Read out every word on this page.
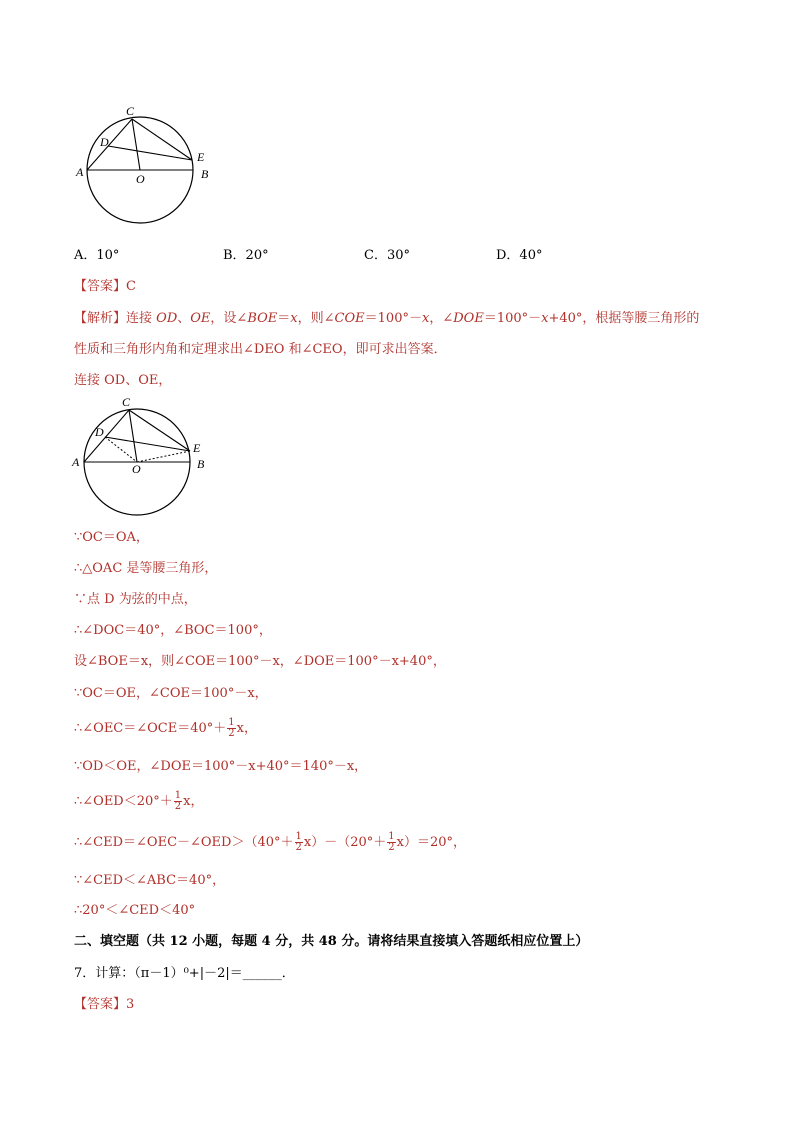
C
D
E
A	B
O
A．10°	B．20°	C．30°	D．40°
【答案】C
【解析】连接 OD、OE，设∠BOE＝x，则∠COE＝100°－x，∠DOE＝100°－x+40°，根据等腰三角形的
性质和三角形内角和定理求出∠DEO 和∠CEO，即可求出答案．
连接 OD、OE，
C
D
E
A	B
O
∵OC＝OA，
∴△OAC 是等腰三角形，
∵点 D 为弦的中点，
∴∠DOC＝40°，∠BOC＝100°，
设∠BOE＝x，则∠COE＝100°－x，∠DOE＝100°－x+40°，
∵OC＝OE，∠COE＝100°－x，
∴∠OEC＝∠OCE＝40°＋ $\frac{1}{2}$ x，
∵OD＜OE，∠DOE＝100°－x+40°＝140°－x，
∴∠OED＜20°＋ $\frac{1}{2}$ x，
∴∠CED＝∠OEC－∠OED＞（40°＋ $\frac{1}{2} x)-(20^\circ+ \frac{1}{2} x)=20^\circ$，
∵∠CED＜∠ABC＝40°，
∴20°＜∠CED＜40°
二、填空题（共 12 小题，每题 4 分，共 48 分。请将结果直接填入答题纸相应位置上）
7．计算：（π－1）⁰+|－2|＝______．
【答案】3
